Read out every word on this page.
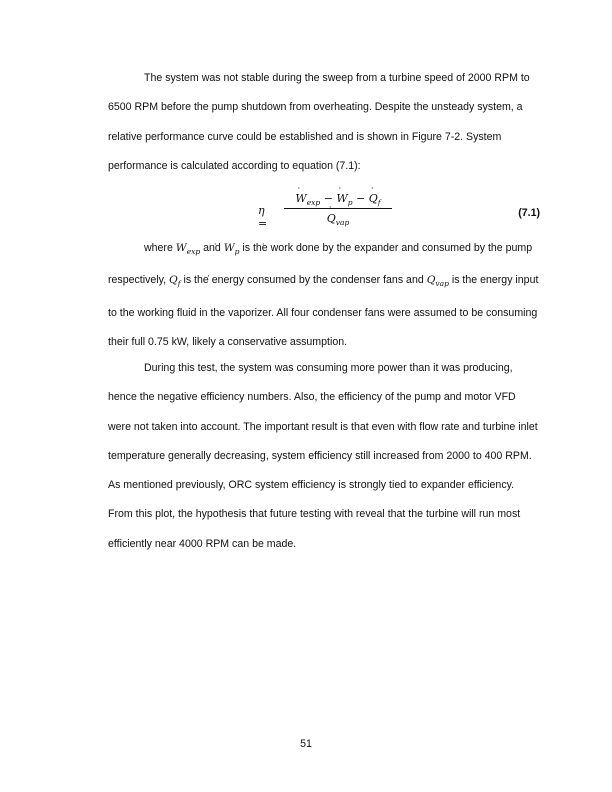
The system was not stable during the sweep from a turbine speed of 2000 RPM to 6500 RPM before the pump shutdown from overheating. Despite the unsteady system, a relative performance curve could be established and is shown in Figure 7-2. System performance is calculated according to equation (7.1):

η =
˙ $W_{exp}$ − ˙ $W_p$ − ˙ $Q_f$
˙ $Q_{vap}$
(7.1)

where ˙ $W_{exp}$ and ˙ $W_p$ is the work done by the expander and consumed by the pump respectively, ˙ $Q_f$ is the energy consumed by the condenser fans and ˙ $Q_{vap}$ is the energy input to the working fluid in the vaporizer. All four condenser fans were assumed to be consuming their full 0.75 kW, likely a conservative assumption.

During this test, the system was consuming more power than it was producing, hence the negative efficiency numbers. Also, the efficiency of the pump and motor VFD were not taken into account. The important result is that even with flow rate and turbine inlet temperature generally decreasing, system efficiency still increased from 2000 to 400 RPM. As mentioned previously, ORC system efficiency is strongly tied to expander efficiency. From this plot, the hypothesis that future testing with reveal that the turbine will run most efficiently near 4000 RPM can be made.

51
